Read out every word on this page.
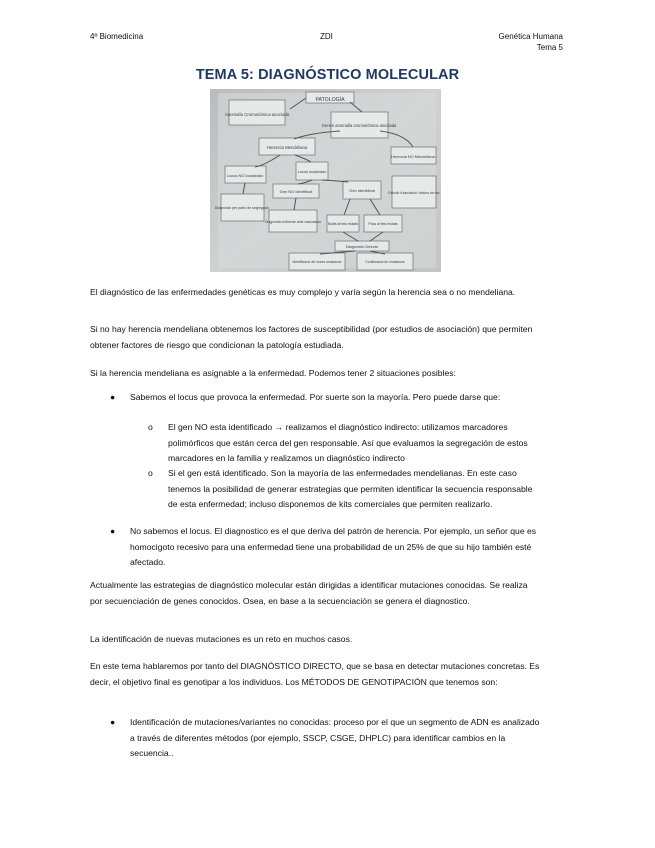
4º Biomedicina	ZDI	Genética Humana
Tema 5
TEMA 5: DIAGNÓSTICO MOLECULAR
PATOLOGÍA
Anomalía Cromosómica asociada
Genes anomalía cromosómica asociada
Herencia Mendeliana
Herencia NO Mendeliana
Locus NO localizado
Locus localizado
Estudio d'asociació i factors de risc
Diagnòstic per patró de segregació
Gen NO identificat	Gen identificat
Diagnòstic Indirecte amb marcadors Mutts al·lels mutats	Poss al·lels mutats
Diagnòstic Directe
Identificació de noves mutacions	Confirmació de mutacions

El diagnóstico de las enfermedades genéticas es muy complejo y varía según la herencia sea o no mendeliana.

Si no hay herencia mendeliana obtenemos los factores de susceptibilidad (por estudios de asociación) que permiten obtener factores de riesgo que condicionan la patología estudiada.

Si la herencia mendeliana es asignable a la enfermedad. Podemos tener 2 situaciones posibles:

● Sabemos el locus que provoca la enfermedad. Por suerte son la mayoría. Pero puede darse que:

o El gen NO esta identificado → realizamos el diagnóstico indirecto: utilizamos marcadores polimórficos que están cerca del gen responsable. Así que evaluamos la segregación de estos marcadores en la familia y realizamos un diagnóstico indirecto

o Si el gen está identificado. Son la mayoría de las enfermedades mendelianas. En este caso tenemos la posibilidad de generar estrategias que permiten identificar la secuencia responsable de esta enfermedad; incluso disponemos de kits comerciales que permiten realizarlo.

● No sabemos el locus. El diagnostico es el que deriva del patrón de herencia. Por ejemplo, un señor que es homocigoto recesivo para una enfermedad tiene una probabilidad de un 25% de que su hijo también esté afectado.

Actualmente las estrategias de diagnóstico molecular están dirigidas a identificar mutaciones conocidas. Se realiza por secuenciación de genes conocidos. Osea, en base a la secuenciación se genera el diagnostico.

La identificación de nuevas mutaciones es un reto en muchos casos.

En este tema hablaremos por tanto del DIAGNÓSTICO DIRECTO, que se basa en detectar mutaciones concretas. Es decir, el objetivo final es genotipar a los individuos. Los MÉTODOS DE GENOTIPACIÓN que tenemos son:

● Identificación de mutaciones/variantes no conocidas: proceso por el que un segmento de ADN es analizado a través de diferentes métodos (por ejemplo, SSCP, CSGE, DHPLC) para identificar cambios en la secuencia..
